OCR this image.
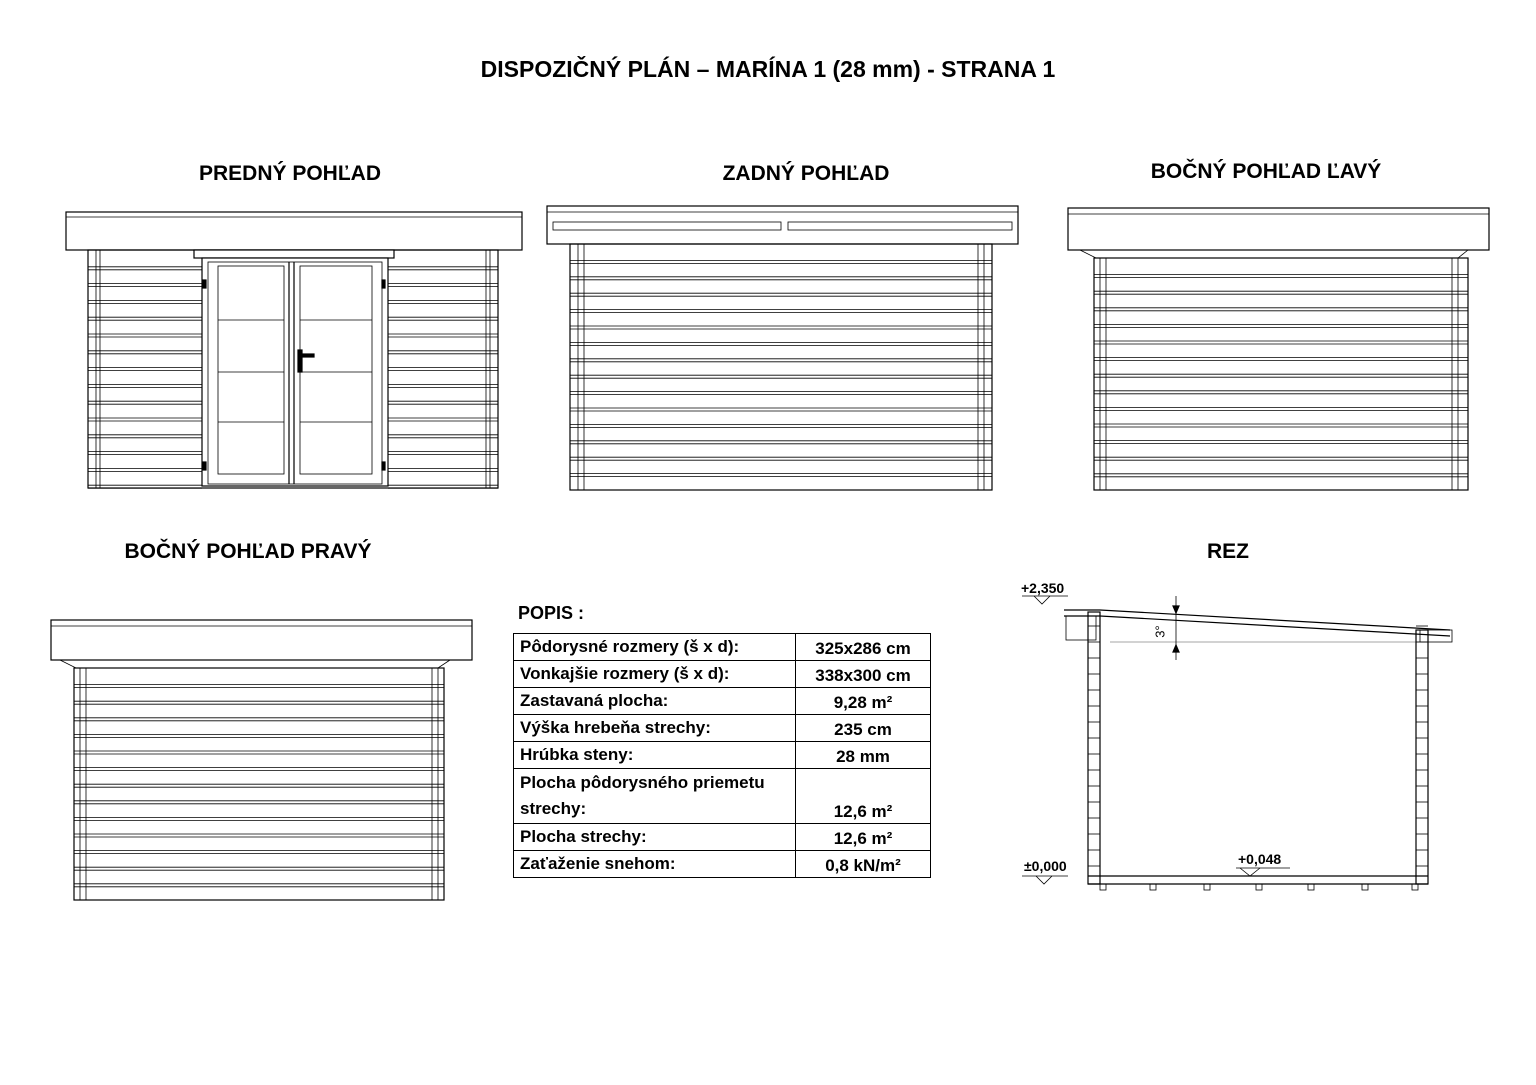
DISPOZIČNÝ PLÁN – MARÍNA 1 (28 mm) - STRANA 1
PREDNÝ POHĽAD	ZADNÝ POHĽAD	BOČNÝ POHĽAD ĽAVÝ
BOČNÝ POHĽAD PRAVÝ	REZ
+2,350
±0,000	+0,048
3°
POPIS :
Pôdorysné rozmery (š x d):	325x286 cm
Vonkajšie rozmery (š x d):	338x300 cm
Zastavaná plocha:	9,28 m²
Výška hrebeňa strechy:	235 cm
Hrúbka steny:	28 mm
Plocha pôdorysného priemetu strechy:	12,6 m²
Plocha strechy:	12,6 m²
Zaťaženie snehom:	0,8 kN/m²
